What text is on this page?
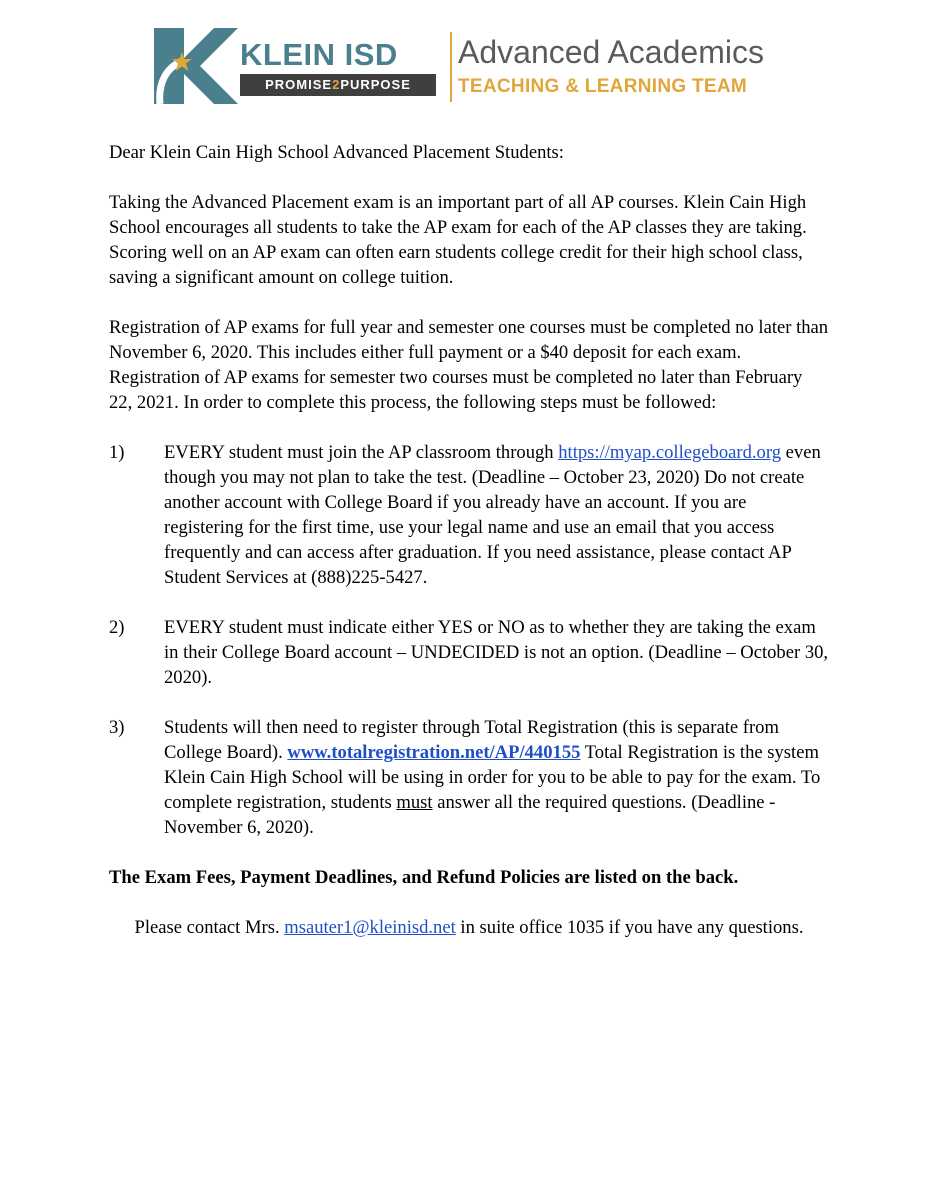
KLEIN ISD
PROMISE2PURPOSE
Advanced Academics
TEACHING & LEARNING TEAM

Dear Klein Cain High School Advanced Placement Students:

Taking the Advanced Placement exam is an important part of all AP courses. Klein Cain High School encourages all students to take the AP exam for each of the AP classes they are taking. Scoring well on an AP exam can often earn students college credit for their high school class, saving a significant amount on college tuition.

Registration of AP exams for full year and semester one courses must be completed no later than November 6, 2020. This includes either full payment or a $40 deposit for each exam. Registration of AP exams for semester two courses must be completed no later than February 22, 2021. In order to complete this process, the following steps must be followed:

1) EVERY student must join the AP classroom through https://myap.collegeboard.org even though you may not plan to take the test. (Deadline – October 23, 2020) Do not create another account with College Board if you already have an account. If you are registering for the first time, use your legal name and use an email that you access frequently and can access after graduation. If you need assistance, please contact AP Student Services at (888)225-5427.
2) EVERY student must indicate either YES or NO as to whether they are taking the exam in their College Board account – UNDECIDED is not an option. (Deadline – October 30, 2020).
3) Students will then need to register through Total Registration (this is separate from College Board). www.totalregistration.net/AP/440155 Total Registration is the system Klein Cain High School will be using in order for you to be able to pay for the exam. To complete registration, students must answer all the required questions. (Deadline - November 6, 2020).

The Exam Fees, Payment Deadlines, and Refund Policies are listed on the back.

Please contact Mrs. msauter1@kleinisd.net in suite office 1035 if you have any questions.
